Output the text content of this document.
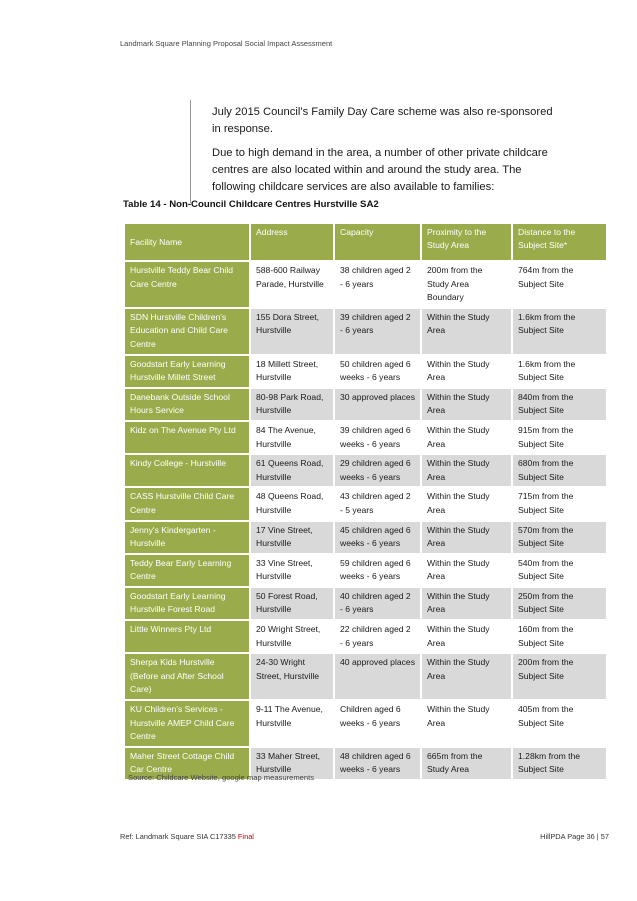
Landmark Square Planning Proposal Social Impact Assessment
July 2015 Council’s Family Day Care scheme was also re-sponsored in response.
Due to high demand in the area, a number of other private childcare centres are also located within and around the study area. The following childcare services are also available to families:
Table 14 - Non-Council Childcare Centres Hurstville SA2
Facility Name	Address	Capacity	Proximity to the Study Area	Distance to the Subject Site*
Hurstville Teddy Bear Child Care Centre	588-600 Railway Parade, Hurstville	38 children aged 2 - 6 years	200m from the Study Area Boundary	764m from the Subject Site
SDN Hurstville Children's Education and Child Care Centre	155 Dora Street, Hurstville	39 children aged 2 - 6 years	Within the Study Area	1.6km from the Subject Site
Goodstart Early Learning Hurstville Millett Street	18 Millett Street, Hurstville	50 children aged 6 weeks - 6 years	Within the Study Area	1.6km from the Subject Site
Danebank Outside School Hours Service	80-98 Park Road, Hurstville	30 approved places	Within the Study Area	840m from the Subject Site
Kidz on The Avenue Pty Ltd	84 The Avenue, Hurstville	39 children aged 6 weeks - 6 years	Within the Study Area	915m from the Subject Site
Kindy College - Hurstville	61 Queens Road, Hurstville	29 children aged 6 weeks - 6 years	Within the Study Area	680m from the Subject Site
CASS Hurstville Child Care Centre	48 Queens Road, Hurstville	43 children aged 2 - 5 years	Within the Study Area	715m from the Subject Site
Jenny's Kindergarten - Hurstville	17 Vine Street, Hurstville	45 children aged 6 weeks - 6 years	Within the Study Area	570m from the Subject Site
Teddy Bear Early Learning Centre	33 Vine Street, Hurstville	59 children aged 6 weeks - 6 years	Within the Study Area	540m from the Subject Site
Goodstart Early Learning Hurstville Forest Road	50 Forest Road, Hurstville	40 children aged 2 - 6 years	Within the Study Area	250m from the Subject Site
Little Winners Pty Ltd	20 Wright Street, Hurstville	22 children aged 2 - 6 years	Within the Study Area	160m from the Subject Site
Sherpa Kids Hurstville (Before and After School Care)	24-30 Wright Street, Hurstville	40 approved places	Within the Study Area	200m from the Subject Site
KU Children's Services - Hurstville AMEP Child Care Centre	9-11 The Avenue, Hurstville	Children aged 6 weeks - 6 years	Within the Study Area	405m from the Subject Site
Maher Street Cottage Child Car Centre	33 Maher Street, Hurstville	48 children aged 6 weeks - 6 years	665m from the Study Area	1.28km from the Subject Site
Source: Childcare Website, google map measurements
Ref: Landmark Square SIA C17335 Final	HillPDA Page 36 | 57
